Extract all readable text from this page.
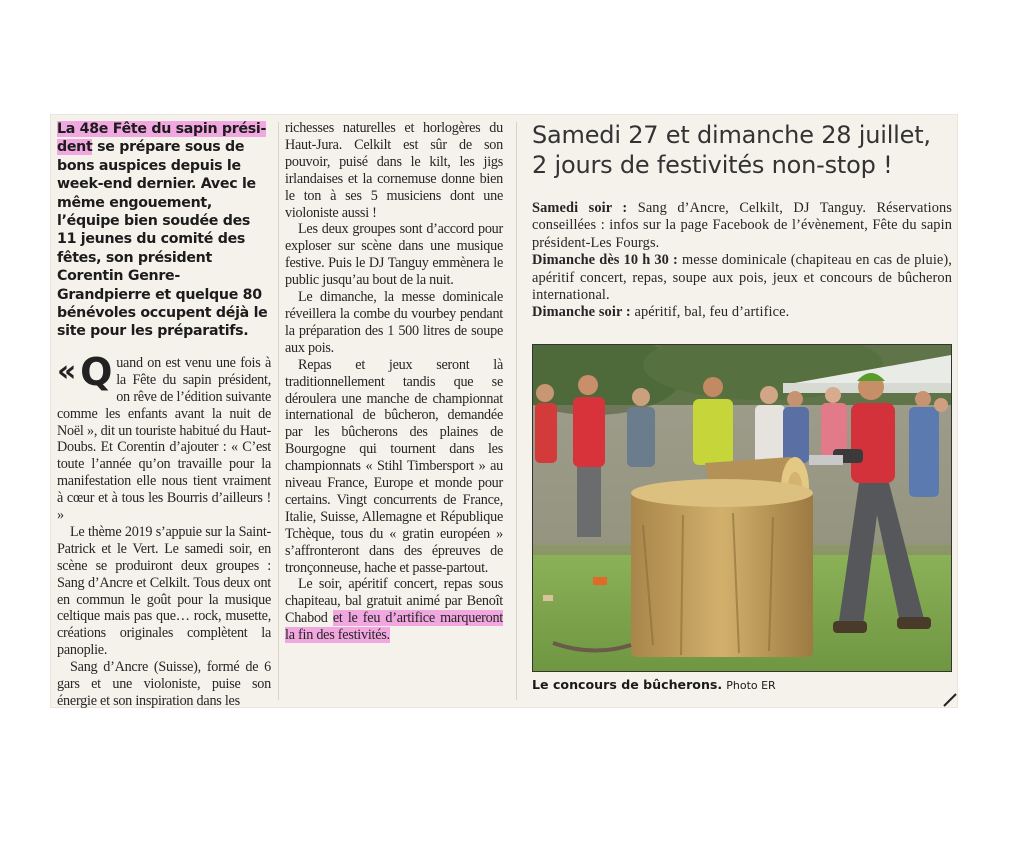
La 48e Fête du sapin prési-dent se prépare sous de bons auspices depuis le week-end dernier. Avec le même engouement, l’équipe bien soudée des 11 jeunes du comité des fêtes, son président Corentin Genre-Grandpierre et quelque 80 bénévoles occupent déjà le site pour les préparatifs.

« Q uand on est venu une fois à la Fête du sapin président, on rêve de l’édition suivante comme les enfants avant la nuit de Noël », dit un touriste habitué du Haut-Doubs. Et Corentin d’ajouter : « C’est toute l’année qu’on travaille pour la manifestation elle nous tient vraiment à cœur et à tous les Bourris d’ailleurs ! »

Le thème 2019 s’appuie sur la Saint-Patrick et le Vert. Le samedi soir, en scène se produiront deux groupes : Sang d’Ancre et Celkilt. Tous deux ont en commun le goût pour la musique celtique mais pas que… rock, musette, créations originales complètent la panoplie.

Sang d’Ancre (Suisse), formé de 6 gars et une violoniste, puise son énergie et son inspiration dans les

richesses naturelles et horlogères du Haut-Jura. Celkilt est sûr de son pouvoir, puisé dans le kilt, les jigs irlandaises et la cornemuse donne bien le ton à ses 5 musiciens dont une violoniste aussi !

Les deux groupes sont d’accord pour exploser sur scène dans une musique festive. Puis le DJ Tanguy emmènera le public jusqu’au bout de la nuit.

Le dimanche, la messe dominicale réveillera la combe du vourbey pendant la préparation des 1 500 litres de soupe aux pois.

Repas et jeux seront là traditionnellement tandis que se déroulera une manche de championnat international de bûcheron, demandée par les bûcherons des plaines de Bourgogne qui tournent dans les championnats « Stihl Timbersport » au niveau France, Europe et monde pour certains. Vingt concurrents de France, Italie, Suisse, Allemagne et République Tchèque, tous du « gratin européen » s’affronteront dans des épreuves de tronçonneuse, hache et passe-partout.

Le soir, apéritif concert, repas sous chapiteau, bal gratuit animé par Benoît Chabod et le feu d’artifice marqueront la fin des festivités.

Samedi 27 et dimanche 28 juillet,
2 jours de festivités non-stop !

Samedi soir : Sang d’Ancre, Celkilt, DJ Tanguy. Réservations conseillées : infos sur la page Facebook de l’évènement, Fête du sapin président-Les Fourgs.

Dimanche dès 10 h 30 : messe dominicale (chapiteau en cas de pluie), apéritif concert, repas, soupe aux pois, jeux et concours de bûcheron international.

Dimanche soir : apéritif, bal, feu d’artifice.

Le concours de bûcherons. Photo ER
